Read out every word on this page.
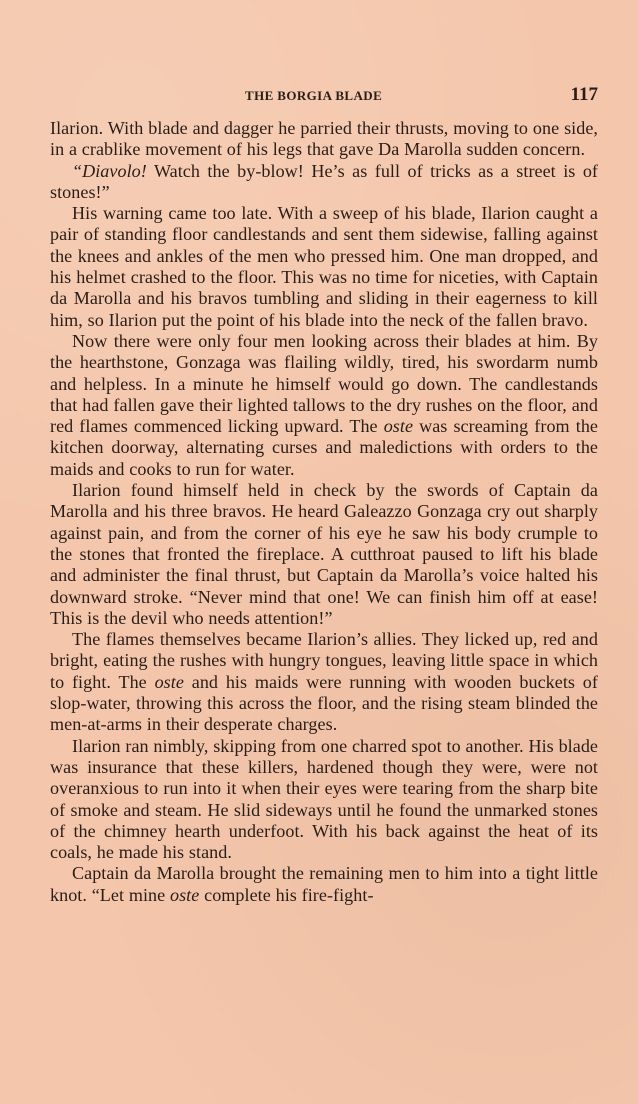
THE BORGIA BLADE	117

Ilarion. With blade and dagger he parried their thrusts, moving to one side, in a crablike movement of his legs that gave Da Marolla sudden concern.

“Diavolo! Watch the by-blow! He’s as full of tricks as a street is of stones!”

His warning came too late. With a sweep of his blade, Ilarion caught a pair of standing floor candlestands and sent them sidewise, falling against the knees and ankles of the men who pressed him. One man dropped, and his helmet crashed to the floor. This was no time for niceties, with Captain da Marolla and his bravos tumbling and sliding in their eagerness to kill him, so Ilarion put the point of his blade into the neck of the fallen bravo.

Now there were only four men looking across their blades at him. By the hearthstone, Gonzaga was flailing wildly, tired, his swordarm numb and helpless. In a minute he himself would go down. The candlestands that had fallen gave their lighted tallows to the dry rushes on the floor, and red flames commenced licking upward. The oste was screaming from the kitchen doorway, alternating curses and maledictions with orders to the maids and cooks to run for water.

Ilarion found himself held in check by the swords of Captain da Marolla and his three bravos. He heard Galeazzo Gonzaga cry out sharply against pain, and from the corner of his eye he saw his body crumple to the stones that fronted the fireplace. A cutthroat paused to lift his blade and administer the final thrust, but Captain da Marolla’s voice halted his downward stroke. “Never mind that one! We can finish him off at ease! This is the devil who needs attention!”

The flames themselves became Ilarion’s allies. They licked up, red and bright, eating the rushes with hungry tongues, leaving little space in which to fight. The oste and his maids were running with wooden buckets of slop-water, throwing this across the floor, and the rising steam blinded the men-at-arms in their desperate charges.

Ilarion ran nimbly, skipping from one charred spot to another. His blade was insurance that these killers, hardened though they were, were not overanxious to run into it when their eyes were tearing from the sharp bite of smoke and steam. He slid sideways until he found the unmarked stones of the chimney hearth underfoot. With his back against the heat of its coals, he made his stand.

Captain da Marolla brought the remaining men to him into a tight little knot. “Let mine oste complete his fire-fight-
